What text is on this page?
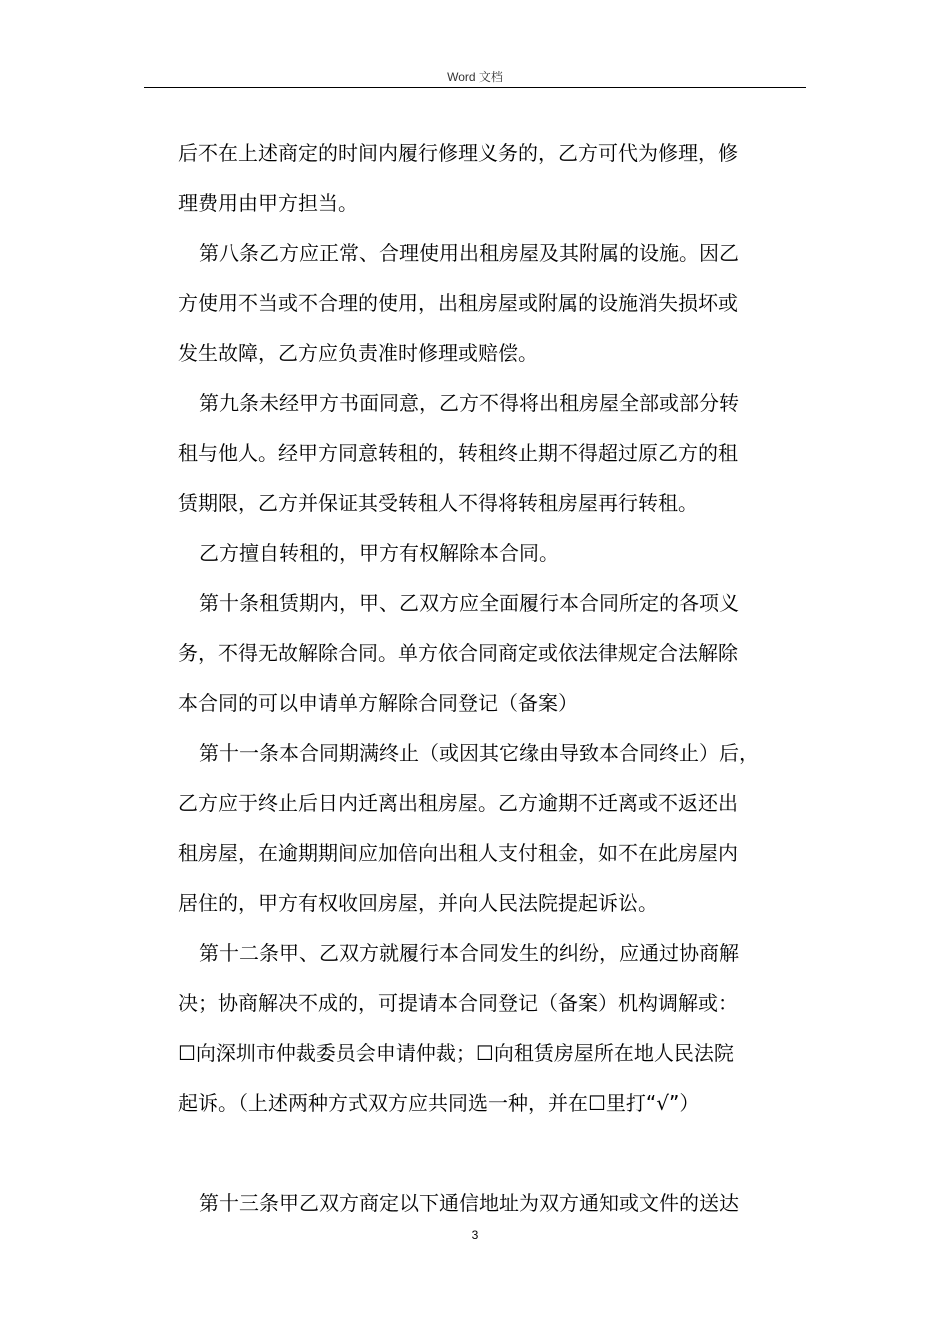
Word 文档
后不在上述商定的时间内履行修理义务的，乙方可代为修理，修
理费用由甲方担当。
第八条乙方应正常、合理使用出租房屋及其附属的设施。因乙
方使用不当或不合理的使用，出租房屋或附属的设施消失损坏或
发生故障，乙方应负责准时修理或赔偿。
第九条未经甲方书面同意，乙方不得将出租房屋全部或部分转
租与他人。经甲方同意转租的，转租终止期不得超过原乙方的租
赁期限，乙方并保证其受转租人不得将转租房屋再行转租。
乙方擅自转租的，甲方有权解除本合同。
第十条租赁期内，甲、乙双方应全面履行本合同所定的各项义
务，不得无故解除合同。单方依合同商定或依法律规定合法解除
本合同的可以申请单方解除合同登记（备案）
第十一条本合同期满终止（或因其它缘由导致本合同终止）后，
乙方应于终止后日内迁离出租房屋。乙方逾期不迁离或不返还出
租房屋，在逾期期间应加倍向出租人支付租金，如不在此房屋内
居住的，甲方有权收回房屋，并向人民法院提起诉讼。
第十二条甲、乙双方就履行本合同发生的纠纷，应通过协商解
决；协商解决不成的，可提请本合同登记（备案）机构调解或：
☐向深圳市仲裁委员会申请仲裁；☐向租赁房屋所在地人民法院
起诉。（上述两种方式双方应共同选一种，并在☐里打“√”）
第十三条甲乙双方商定以下通信地址为双方通知或文件的送达
3
